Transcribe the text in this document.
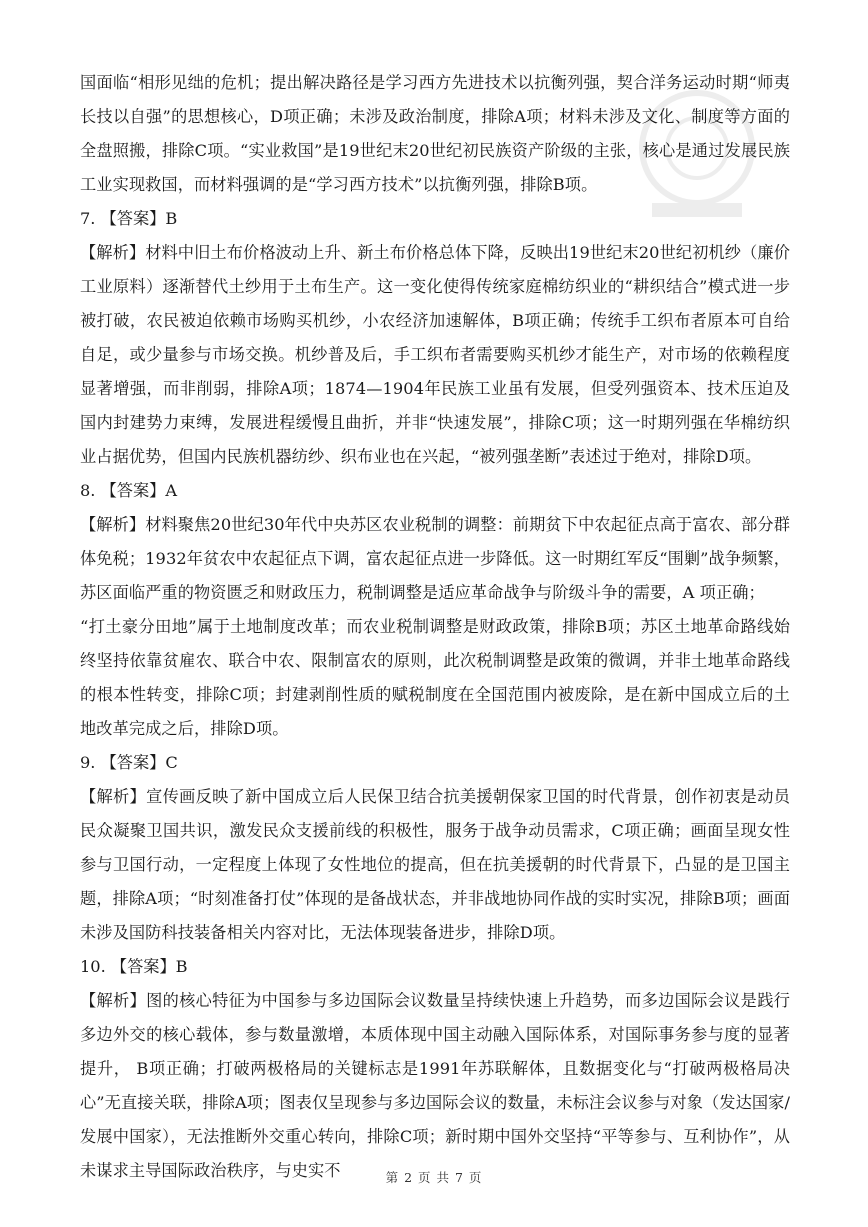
国面临“相形见绌的危机；提出解决路径是学习西方先进技术以抗衡列强，契合洋务运动时期“师夷长技以自强”的思想核心，D项正确；未涉及政治制度，排除A项；材料未涉及文化、制度等方面的全盘照搬，排除C项。“实业救国”是19世纪末20世纪初民族资产阶级的主张，核心是通过发展民族工业实现救国，而材料强调的是“学习西方技术”以抗衡列强，排除B项。

7. 【答案】B

【解析】材料中旧土布价格波动上升、新土布价格总体下降，反映出19世纪末20世纪初机纱（廉价工业原料）逐渐替代土纱用于土布生产。这一变化使得传统家庭棉纺织业的“耕织结合”模式进一步被打破，农民被迫依赖市场购买机纱，小农经济加速解体，B项正确；传统手工织布者原本可自给自足，或少量参与市场交换。机纱普及后，手工织布者需要购买机纱才能生产，对市场的依赖程度显著增强，而非削弱，排除A项；1874—1904年民族工业虽有发展，但受列强资本、技术压迫及国内封建势力束缚，发展进程缓慢且曲折，并非“快速发展”，排除C项；这一时期列强在华棉纺织业占据优势，但国内民族机器纺纱、织布业也在兴起，“被列强垄断”表述过于绝对，排除D项。

8. 【答案】A

【解析】材料聚焦20世纪30年代中央苏区农业税制的调整：前期贫下中农起征点高于富农、部分群体免税；1932年贫农中农起征点下调，富农起征点进一步降低。这一时期红军反“围剿”战争频繁，苏区面临严重的物资匮乏和财政压力，税制调整是适应革命战争与阶级斗争的需要，A 项正确；

“打土豪分田地”属于土地制度改革；而农业税制调整是财政政策，排除B项；苏区土地革命路线始终坚持依靠贫雇农、联合中农、限制富农的原则，此次税制调整是政策的微调，并非土地革命路线的根本性转变，排除C项；封建剥削性质的赋税制度在全国范围内被废除，是在新中国成立后的土地改革完成之后，排除D项。

9. 【答案】C

【解析】宣传画反映了新中国成立后人民保卫结合抗美援朝保家卫国的时代背景，创作初衷是动员民众凝聚卫国共识，激发民众支援前线的积极性，服务于战争动员需求，C项正确；画面呈现女性参与卫国行动，一定程度上体现了女性地位的提高，但在抗美援朝的时代背景下，凸显的是卫国主题，排除A项；“时刻准备打仗”体现的是备战状态，并非战地协同作战的实时实况，排除B项；画面未涉及国防科技装备相关内容对比，无法体现装备进步，排除D项。

10. 【答案】B

【解析】图的核心特征为中国参与多边国际会议数量呈持续快速上升趋势，而多边国际会议是践行多边外交的核心载体，参与数量激增，本质体现中国主动融入国际体系，对国际事务参与度的显著提升， B项正确；打破两极格局的关键标志是1991年苏联解体，且数据变化与“打破两极格局决心”无直接关联，排除A项；图表仅呈现参与多边国际会议的数量，未标注会议参与对象（发达国家/发展中国家），无法推断外交重心转向，排除C项；新时期中国外交坚持“平等参与、互利协作”，从未谋求主导国际政治秩序，与史实不	第 2 页 共 7 页
